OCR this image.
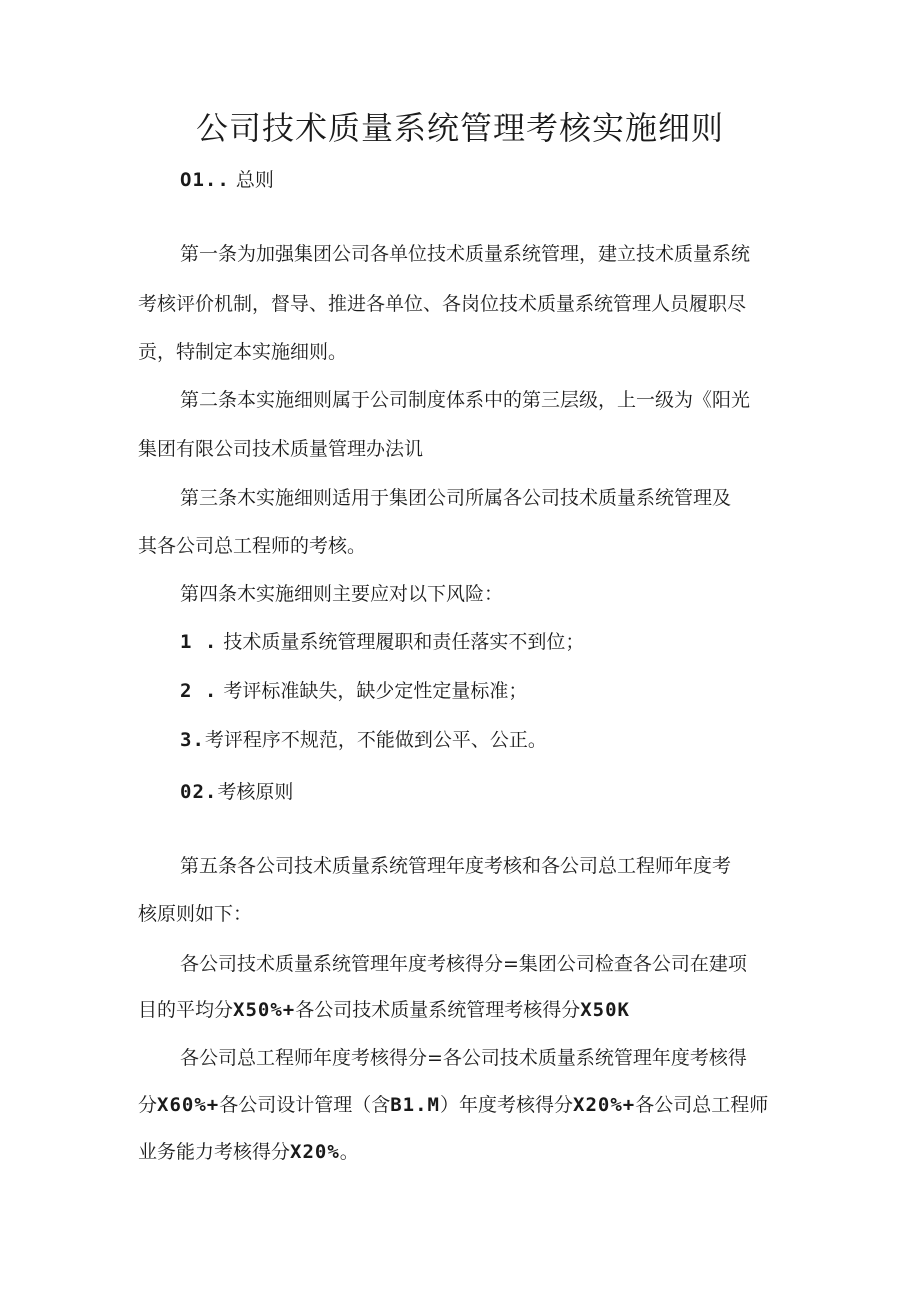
公司技术质量系统管理考核实施细则

O1.. 总则

第一条为加强集团公司各单位技术质量系统管理，建立技术质量系统

考核评价机制，督导、推进各单位、各岗位技术质量系统管理人员履职尽

贡，特制定本实施细则。

第二条本实施细则属于公司制度体系中的第三层级，上一级为《阳光

集团有限公司技术质量管理办法讥

第三条木实施细则适用于集团公司所属各公司技术质量系统管理及

其各公司总工程师的考核。

第四条木实施细则主要应对以下风险：

1 . 技术质量系统管理履职和责任落实不到位；

2 . 考评标准缺失，缺少定性定量标准；

3.考评程序不规范，不能做到公平、公正。

02.考核原则

第五条各公司技术质量系统管理年度考核和各公司总工程师年度考

核原则如下：

各公司技术质量系统管理年度考核得分=集团公司检查各公司在建项

目的平均分X50%+各公司技术质量系统管理考核得分X50K

各公司总工程师年度考核得分=各公司技术质量系统管理年度考核得

分X60%+各公司设计管理（含B1.M）年度考核得分X20%+各公司总工程师

业务能力考核得分X20%。
